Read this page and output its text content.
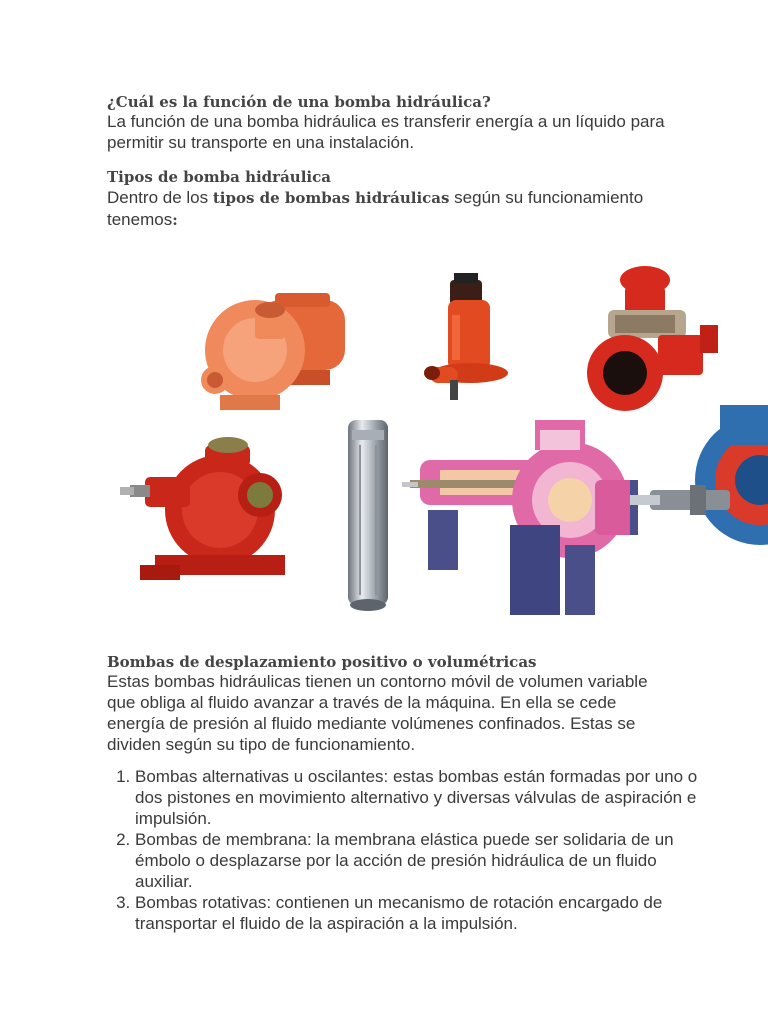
¿Cuál es la función de una bomba hidráulica?
La función de una bomba hidráulica es transferir energía a un líquido para permitir su transporte en una instalación.
Tipos de bomba hidráulica
Dentro de los tipos de bombas hidráulicas según su funcionamiento tenemos:
Bombas de desplazamiento positivo o volumétricas
Estas bombas hidráulicas tienen un contorno móvil de volumen variable que obliga al fluido avanzar a través de la máquina. En ella se cede energía de presión al fluido mediante volúmenes confinados. Estas se dividen según su tipo de funcionamiento.
1. Bombas alternativas u oscilantes: estas bombas están formadas por uno o dos pistones en movimiento alternativo y diversas válvulas de aspiración e impulsión.
2. Bombas de membrana: la membrana elástica puede ser solidaria de un émbolo o desplazarse por la acción de presión hidráulica de un fluido auxiliar.
3. Bombas rotativas: contienen un mecanismo de rotación encargado de transportar el fluido de la aspiración a la impulsión.
